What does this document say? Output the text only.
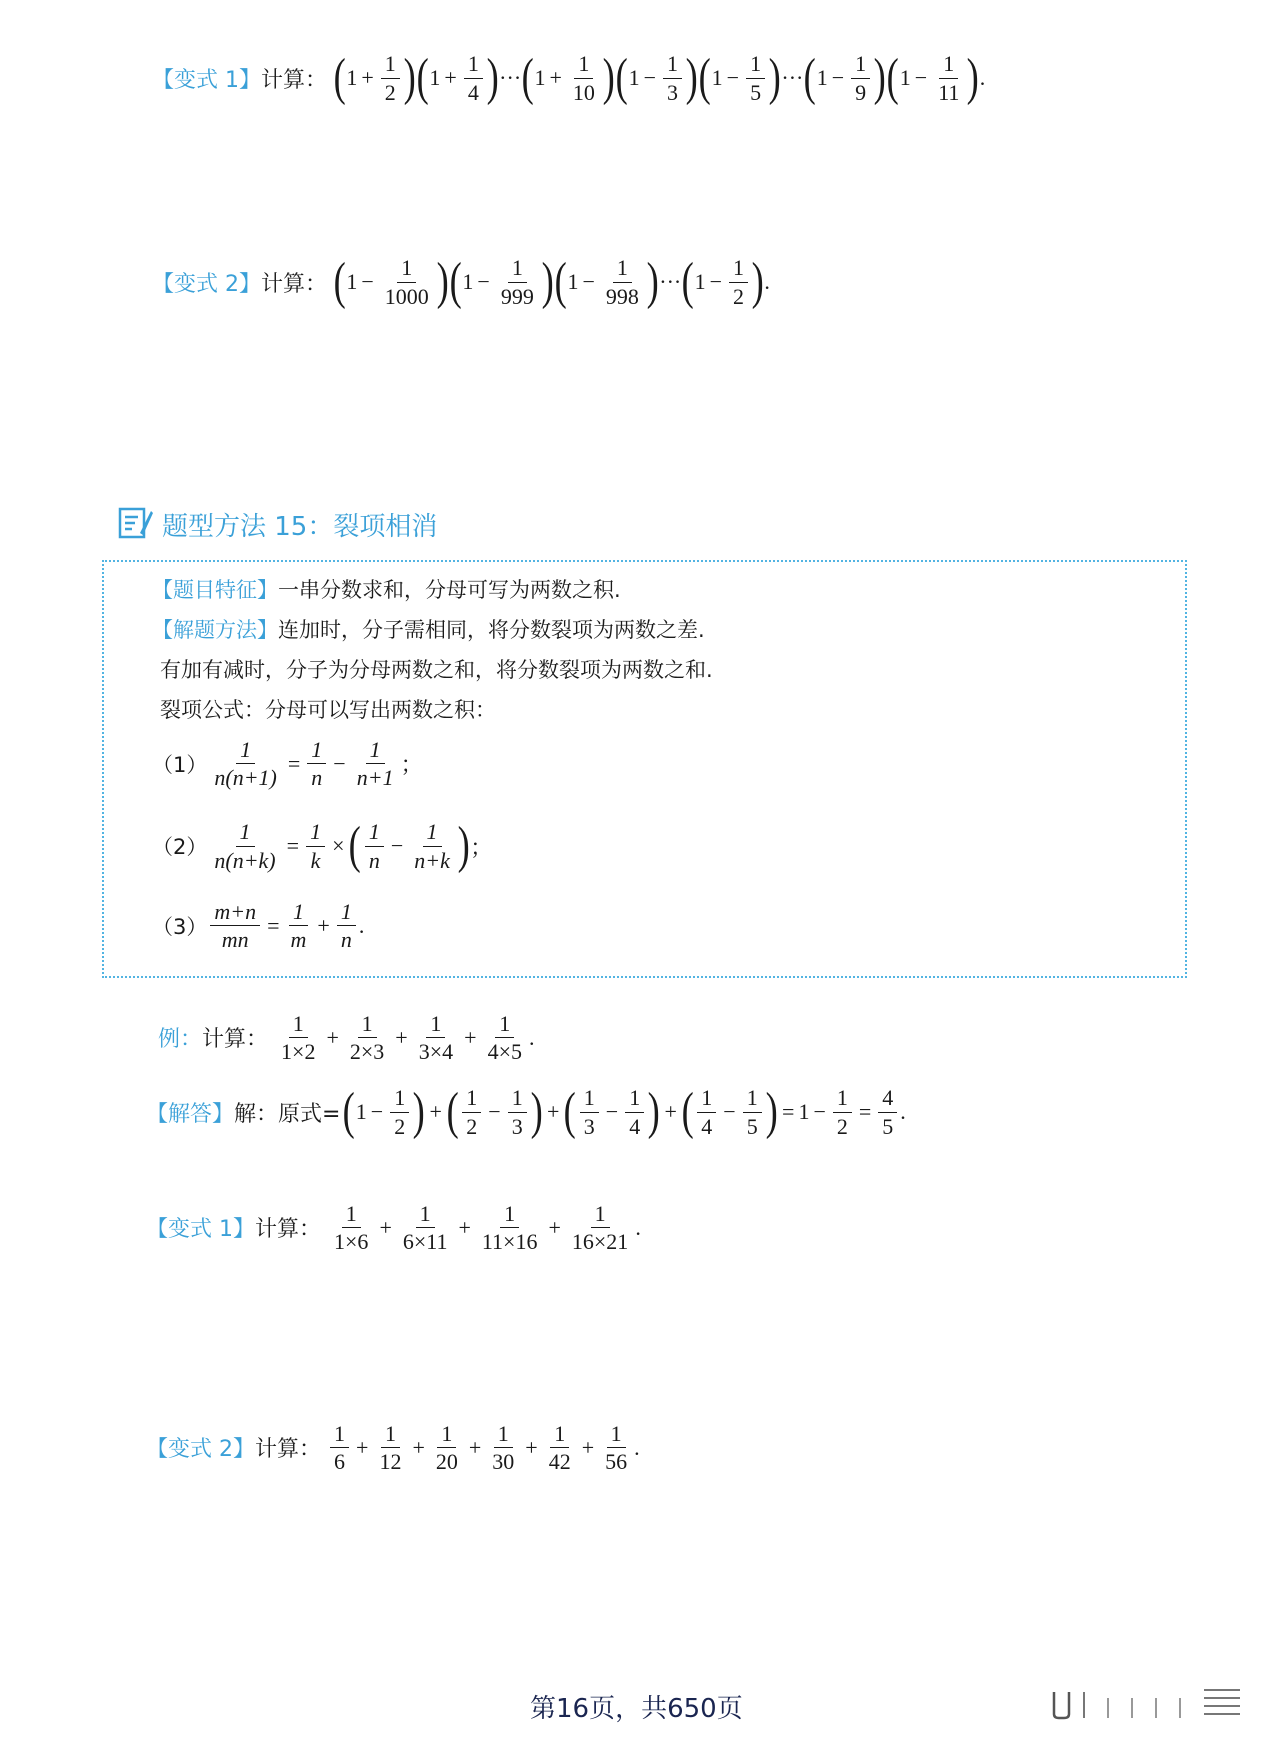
【变式 1】 计算： ( $1 + \frac{1}{2}$ ) ( $1 + \frac{1}{4}$ ) ··· ( $1 + \frac{1}{10}$ ) ( $1 - \frac{1}{3}$ ) ( $1 - \frac{1}{5}$ ) ··· ( $1 - \frac{1}{9}$ ) ( $1 - \frac{1}{11}$ ) .
【变式 2】 计算： ( $1 - \frac{1}{1000}$ ) ( $1 - \frac{1}{999}$ ) ( $1 - \frac{1}{998}$ ) ··· ( $1 - \frac{1}{2}$ ) .
题型方法 15：裂项相消
【题目特征】一串分数求和，分母可写为两数之积.
【解题方法】连加时，分子需相同，将分数裂项为两数之差.
有加有减时，分子为分母两数之和，将分数裂项为两数之和.
裂项公式：分母可以写出两数之积：
$(1) \frac{1}{n(n+1)} = \frac{1}{n} - \frac{1}{n+1}$ ；
$(2) \frac{1}{n(n+k)} = \frac{1}{k}$ × ( $\frac{1}{n} - \frac{1}{n+k}$ ) ；
$(3) \frac{m+n}{mn} = \frac{1}{m} + \frac{1}{n}$ .
例： 计算： $\frac{1}{1\times 2} + \frac{1}{2\times 3} + \frac{1}{3\times 4} + \frac{1}{4\times 5}$ .
【解答】 解：原式= ( $1 - \frac{1}{2}$ ) + ( $\frac{1}{2} - \frac{1}{3}$ ) + ( $\frac{1}{3} - \frac{1}{4}$ ) + ( $\frac{1}{4} - \frac{1}{5}$ ) = $1 - \frac{1}{2} = \frac{4}{5}$ .
【变式 1】 计算： $\frac{1}{1\times 6} + \frac{1}{6\times 11} + \frac{1}{11\times 16} + \frac{1}{16\times 21}$ .
【变式 2】 计算： $\frac{1}{6} + \frac{1}{12} + \frac{1}{20} + \frac{1}{30} + \frac{1}{42} + \frac{1}{56}$ .
第16页，共650页
